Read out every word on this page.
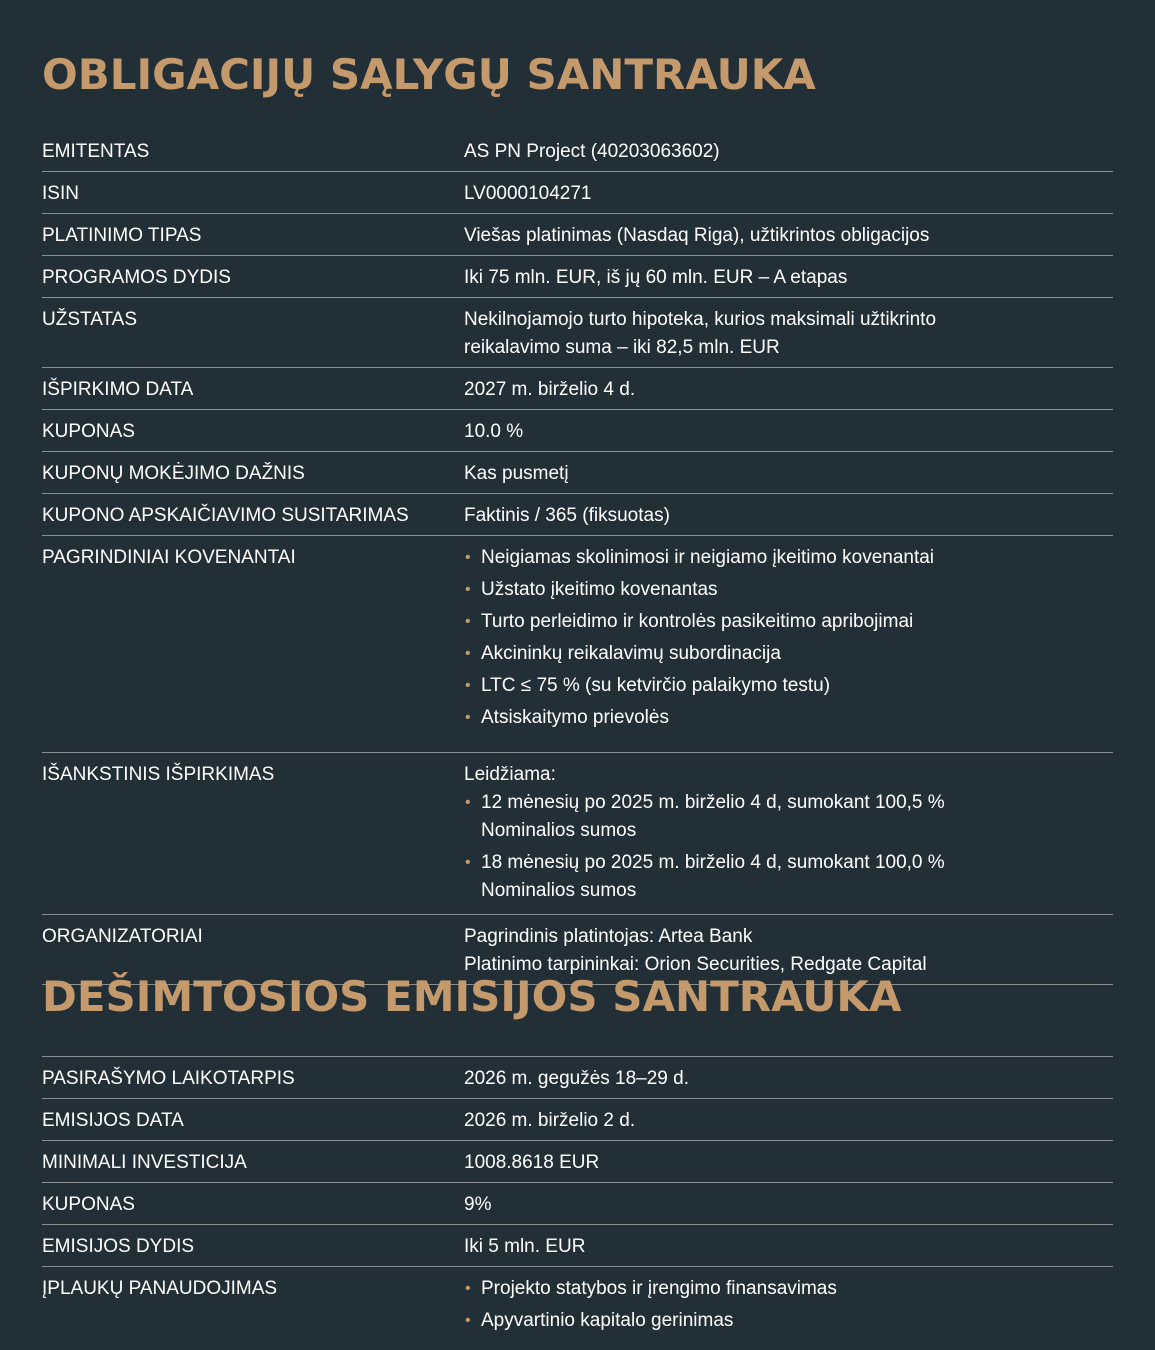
OBLIGACIJŲ SĄLYGŲ SANTRAUKA
EMITENTAS	AS PN Project (40203063602)
ISIN	LV0000104271
PLATINIMO TIPAS	Viešas platinimas (Nasdaq Riga), užtikrintos obligacijos
PROGRAMOS DYDIS	Iki 75 mln. EUR, iš jų 60 mln. EUR – A etapas
UŽSTATAS	Nekilnojamojo turto hipoteka, kurios maksimali užtikrinto
reikalavimo suma – iki 82,5 mln. EUR
IŠPIRKIMO DATA	2027 m. birželio 4 d.
KUPONAS	10.0 %
KUPONŲ MOKĖJIMO DAŽNIS	Kas pusmetį
KUPONO APSKAIČIAVIMO SUSITARIMAS	Faktinis / 365 (fiksuotas)
PAGRINDINIAI KOVENANTAI	• Neigiamas skolinimosi ir neigiamo įkeitimo kovenantai
• Užstato įkeitimo kovenantas
• Turto perleidimo ir kontrolės pasikeitimo apribojimai
• Akcininkų reikalavimų subordinacija
• LTC ≤ 75 % (su ketvirčio palaikymo testu)
• Atsiskaitymo prievolės
IŠANKSTINIS IŠPIRKIMAS	Leidžiama:
• 12 mėnesių po 2025 m. birželio 4 d, sumokant 100,5 %
Nominalios sumos
• 18 mėnesių po 2025 m. birželio 4 d, sumokant 100,0 %
Nominalios sumos
ORGANIZATORIAI	Pagrindinis platintojas: Artea Bank
Platinimo tarpininkai: Orion Securities, Redgate Capital
DEŠIMTOSIOS EMISIJOS SANTRAUKA
PASIRAŠYMO LAIKOTARPIS	2026 m. gegužės 18–29 d.
EMISIJOS DATA	2026 m. birželio 2 d.
MINIMALI INVESTICIJA	1008.8618 EUR
KUPONAS	9%
EMISIJOS DYDIS	Iki 5 mln. EUR
ĮPLAUKŲ PANAUDOJIMAS	• Projekto statybos ir įrengimo finansavimas
• Apyvartinio kapitalo gerinimas
